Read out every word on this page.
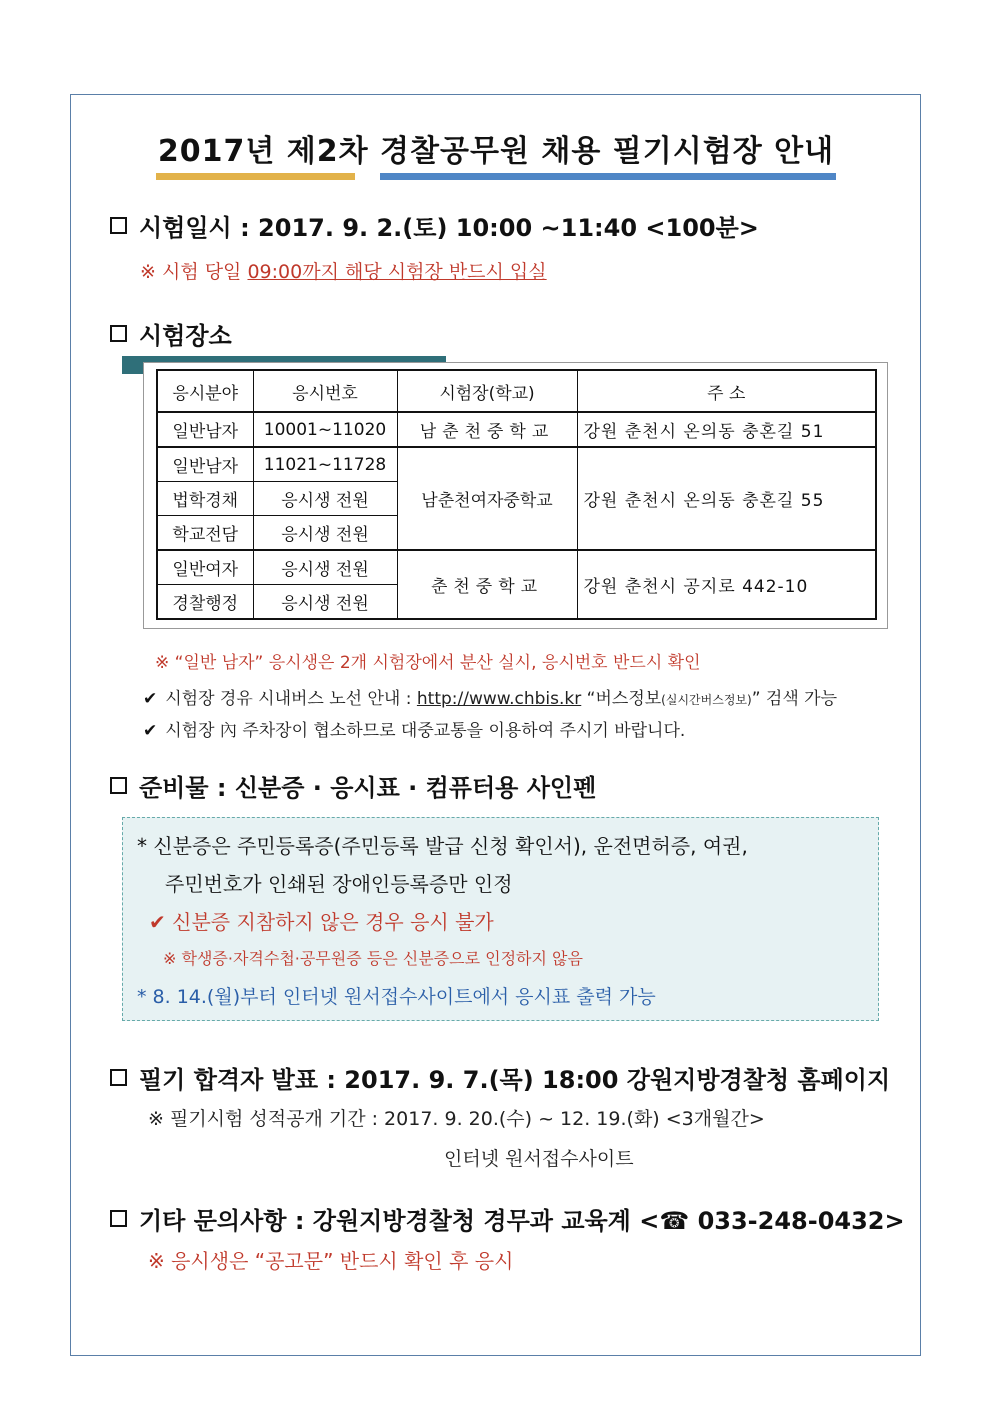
2017년 제2차 경찰공무원 채용 필기시험장 안내
시험일시 : 2017. 9. 2.(토) 10:00 ~11:40 <100분>
※ 시험 당일 09:00까지 해당 시험장 반드시 입실
시험장소
응시분야	응시번호	시험장(학교)	주 소
일반남자	10001~11020	남춘천중학교	강원 춘천시 온의동 충혼길 51
일반남자	11021~11728	남춘천여자중학교	강원 춘천시 온의동 충혼길 55
법학경채	응시생 전원		
학교전담	응시생 전원		
일반여자	응시생 전원	춘천중학교	강원 춘천시 공지로 442-10
경찰행정	응시생 전원		
※ “일반 남자” 응시생은 2개 시험장에서 분산 실시, 응시번호 반드시 확인
✔ 시험장 경유 시내버스 노선 안내 : http://www.chbis.kr “버스정보(실시간버스정보)” 검색 가능
✔ 시험장 內 주차장이 협소하므로 대중교통을 이용하여 주시기 바랍니다.
준비물 : 신분증 · 응시표 · 컴퓨터용 사인펜
* 신분증은 주민등록증(주민등록 발급 신청 확인서), 운전면허증, 여권,
주민번호가 인쇄된 장애인등록증만 인정
✔ 신분증 지참하지 않은 경우 응시 불가
※ 학생증·자격수첩·공무원증 등은 신분증으로 인정하지 않음
* 8. 14.(월)부터 인터넷 원서접수사이트에서 응시표 출력 가능
필기 합격자 발표 : 2017. 9. 7.(목) 18:00 강원지방경찰청 홈페이지
※ 필기시험 성적공개 기간 : 2017. 9. 20.(수) ~ 12. 19.(화) <3개월간>
인터넷 원서접수사이트
기타 문의사항 : 강원지방경찰청 경무과 교육계 <☎ 033-248-0432>
※ 응시생은 “공고문” 반드시 확인 후 응시
